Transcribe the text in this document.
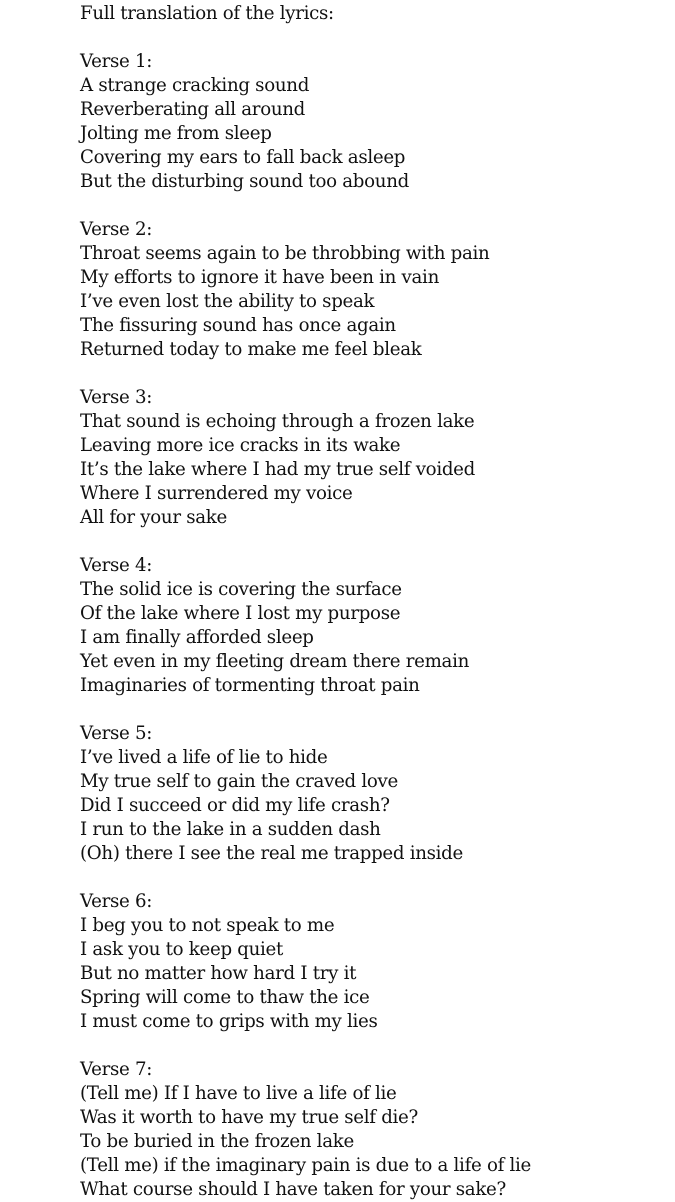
Full translation of the lyrics:
Verse 1:
A strange cracking sound
Reverberating all around
Jolting me from sleep
Covering my ears to fall back asleep
But the disturbing sound too abound
Verse 2:
Throat seems again to be throbbing with pain
My efforts to ignore it have been in vain
I’ve even lost the ability to speak
The fissuring sound has once again
Returned today to make me feel bleak
Verse 3:
That sound is echoing through a frozen lake
Leaving more ice cracks in its wake
It’s the lake where I had my true self voided
Where I surrendered my voice
All for your sake
Verse 4:
The solid ice is covering the surface
Of the lake where I lost my purpose
I am finally afforded sleep
Yet even in my fleeting dream there remain
Imaginaries of tormenting throat pain
Verse 5:
I’ve lived a life of lie to hide
My true self to gain the craved love
Did I succeed or did my life crash?
I run to the lake in a sudden dash
(Oh) there I see the real me trapped inside
Verse 6:
I beg you to not speak to me
I ask you to keep quiet
But no matter how hard I try it
Spring will come to thaw the ice
I must come to grips with my lies
Verse 7:
(Tell me) If I have to live a life of lie
Was it worth to have my true self die?
To be buried in the frozen lake
(Tell me) if the imaginary pain is due to a life of lie
What course should I have taken for your sake?
